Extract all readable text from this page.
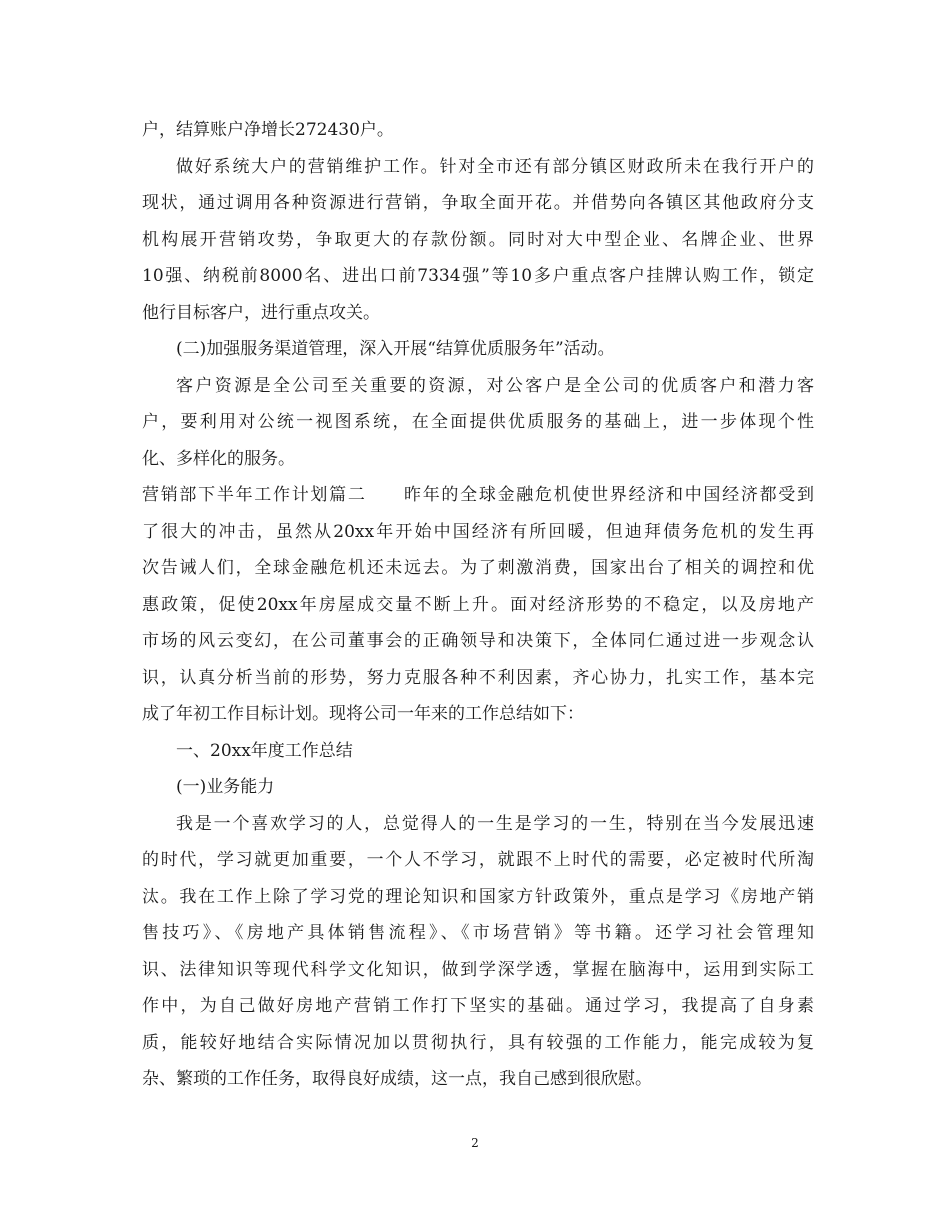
户，结算账户净增长272430户。
做好系统大户的营销维护工作。针对全市还有部分镇区财政所未在我行开户的
现状，通过调用各种资源进行营销，争取全面开花。并借势向各镇区其他政府分支
机构展开营销攻势，争取更大的存款份额。同时对大中型企业、名牌企业、世界
10强、纳税前8000名、进出口前7334强”等10多户重点客户挂牌认购工作，锁定
他行目标客户，进行重点攻关。
(二)加强服务渠道管理，深入开展“结算优质服务年”活动。
客户资源是全公司至关重要的资源，对公客户是全公司的优质客户和潜力客
户，要利用对公统一视图系统，在全面提供优质服务的基础上，进一步体现个性
化、多样化的服务。
营销部下半年工作计划篇二　　昨年的全球金融危机使世界经济和中国经济都受到
了很大的冲击，虽然从20xx年开始中国经济有所回暖，但迪拜债务危机的发生再
次告诫人们，全球金融危机还未远去。为了刺激消费，国家出台了相关的调控和优
惠政策，促使20xx年房屋成交量不断上升。面对经济形势的不稳定，以及房地产
市场的风云变幻，在公司董事会的正确领导和决策下，全体同仁通过进一步观念认
识，认真分析当前的形势，努力克服各种不利因素，齐心协力，扎实工作，基本完
成了年初工作目标计划。现将公司一年来的工作总结如下：
一、20xx年度工作总结
(一)业务能力
我是一个喜欢学习的人，总觉得人的一生是学习的一生，特别在当今发展迅速
的时代，学习就更加重要，一个人不学习，就跟不上时代的需要，必定被时代所淘
汰。我在工作上除了学习党的理论知识和国家方针政策外，重点是学习《房地产销
售技巧》、《房地产具体销售流程》、《市场营销》等书籍。还学习社会管理知
识、法律知识等现代科学文化知识，做到学深学透，掌握在脑海中，运用到实际工
作中，为自己做好房地产营销工作打下坚实的基础。通过学习，我提高了自身素
质，能较好地结合实际情况加以贯彻执行，具有较强的工作能力，能完成较为复
杂、繁琐的工作任务，取得良好成绩，这一点，我自己感到很欣慰。
2
